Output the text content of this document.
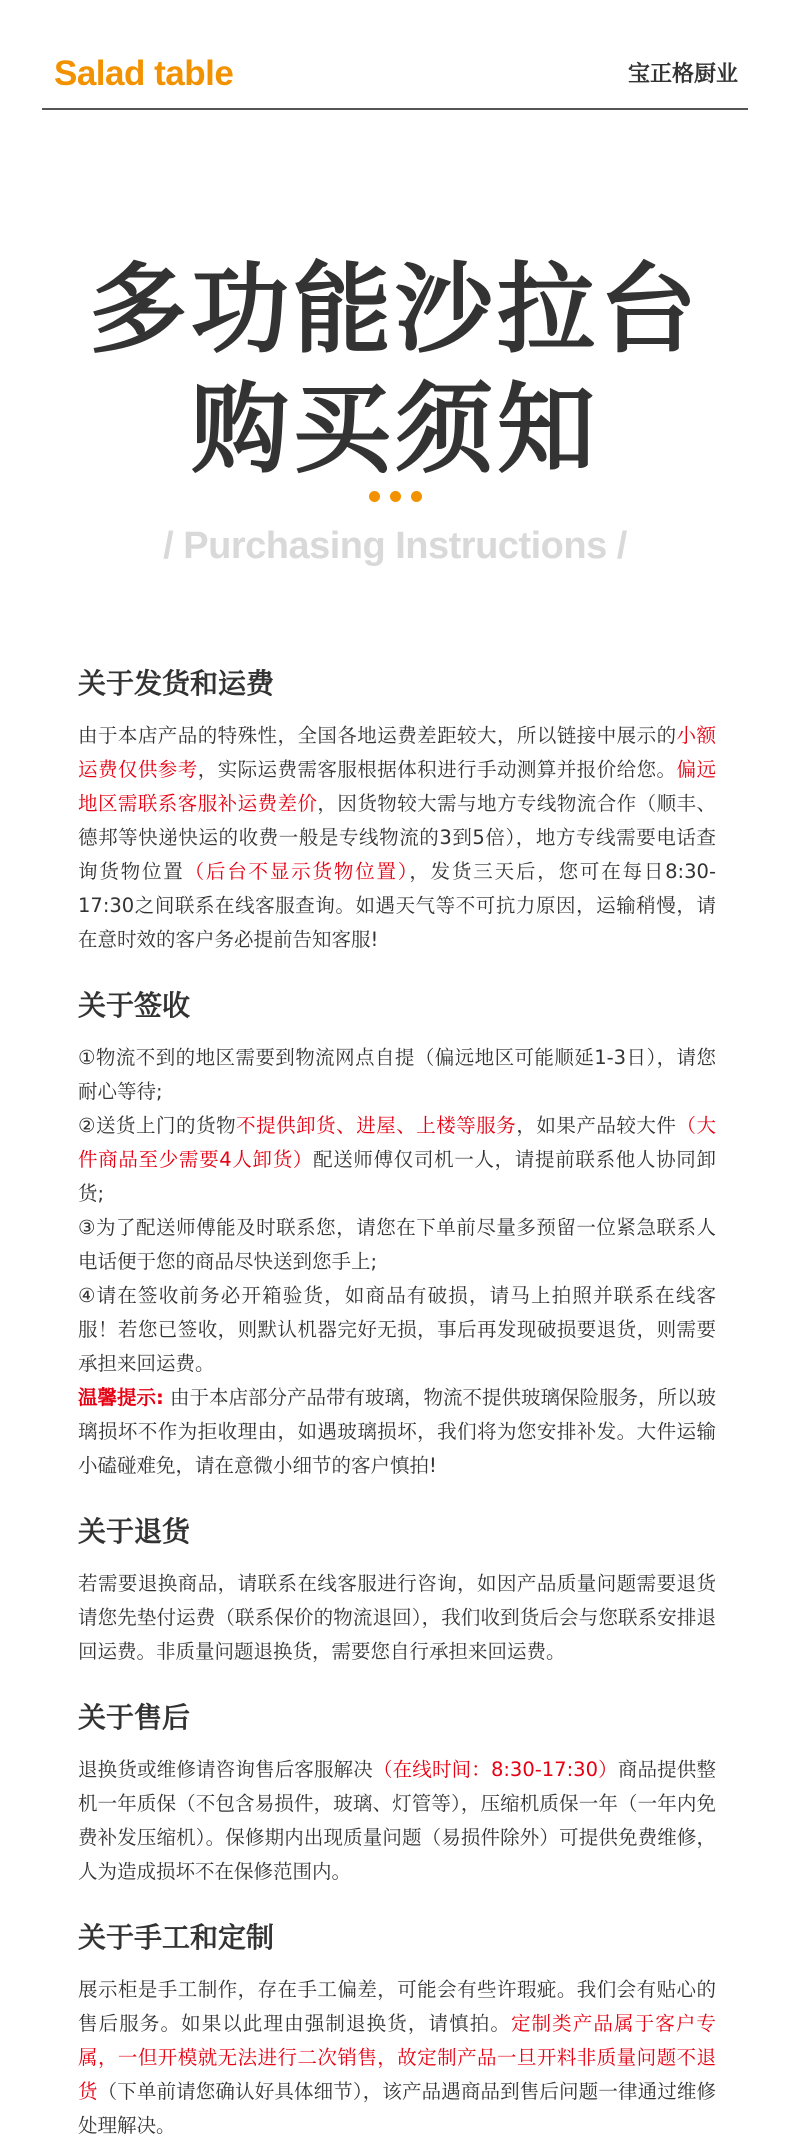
Salad table	宝正格厨业
多功能沙拉台
购买须知
/ Purchasing Instructions /
关于发货和运费

由于本店产品的特殊性，全国各地运费差距较大，所以链接中展示的小额运费仅供参考，实际运费需客服根据体积进行手动测算并报价给您。偏远地区需联系客服补运费差价，因货物较大需与地方专线物流合作（顺丰、德邦等快递快运的收费一般是专线物流的3到5倍），地方专线需要电话查询货物位置（后台不显示货物位置），发货三天后，您可在每日8:30-17:30之间联系在线客服查询。如遇天气等不可抗力原因，运输稍慢，请在意时效的客户务必提前告知客服!

关于签收

①物流不到的地区需要到物流网点自提（偏远地区可能顺延1-3日），请您耐心等待;

②送货上门的货物不提供卸货、进屋、上楼等服务，如果产品较大件（大件商品至少需要4人卸货）配送师傅仅司机一人，请提前联系他人协同卸货;

③为了配送师傅能及时联系您，请您在下单前尽量多预留一位紧急联系人电话便于您的商品尽快送到您手上;

④请在签收前务必开箱验货，如商品有破损，请马上拍照并联系在线客服！若您已签收，则默认机器完好无损，事后再发现破损要退货，则需要承担来回运费。

温馨提示: 由于本店部分产品带有玻璃，物流不提供玻璃保险服务，所以玻璃损坏不作为拒收理由，如遇玻璃损坏，我们将为您安排补发。大件运输小磕碰难免，请在意微小细节的客户慎拍!

关于退货

若需要退换商品，请联系在线客服进行咨询，如因产品质量问题需要退货请您先垫付运费（联系保价的物流退回），我们收到货后会与您联系安排退回运费。非质量问题退换货，需要您自行承担来回运费。

关于售后

退换货或维修请咨询售后客服解决（在线时间：8:30-17:30）商品提供整机一年质保（不包含易损件，玻璃、灯管等），压缩机质保一年（一年内免费补发压缩机）。保修期内出现质量问题（易损件除外）可提供免费维修，人为造成损坏不在保修范围内。

关于手工和定制

展示柜是手工制作，存在手工偏差，可能会有些许瑕疵。我们会有贴心的售后服务。如果以此理由强制退换货，请慎拍。定制类产品属于客户专属，一但开模就无法进行二次销售，故定制产品一旦开料非质量问题不退货（下单前请您确认好具体细节），该产品遇商品到售后问题一律通过维修处理解决。
